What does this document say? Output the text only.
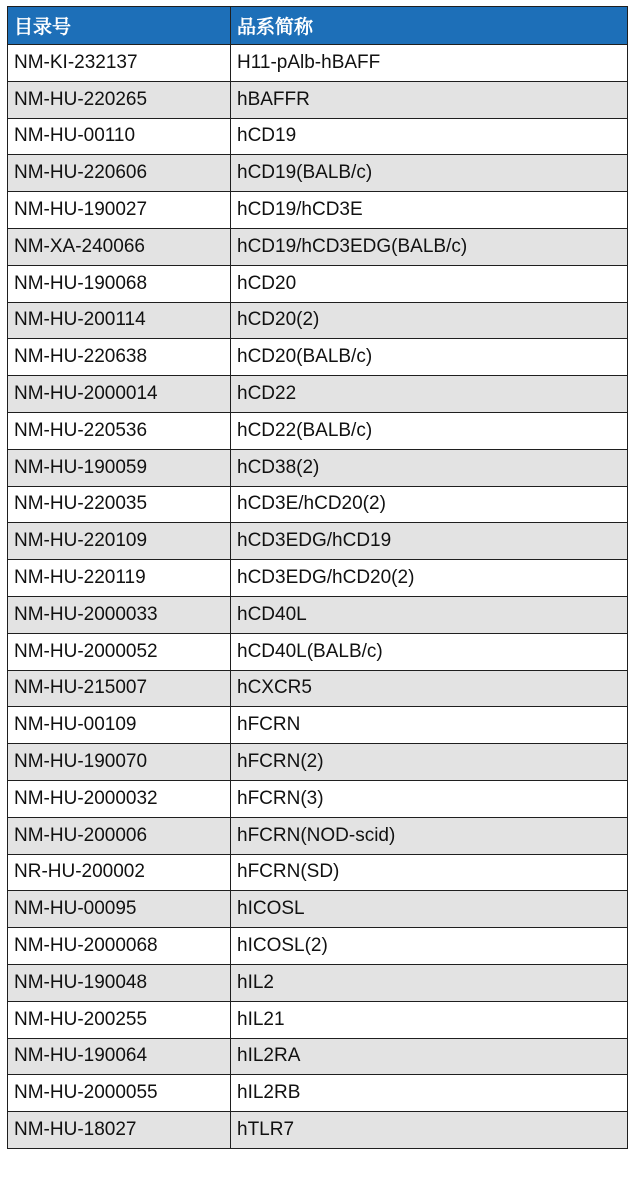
目录号	品系简称
NM-KI-232137	H11-pAlb-hBAFF
NM-HU-220265	hBAFFR
NM-HU-00110	hCD19
NM-HU-220606	hCD19(BALB/c)
NM-HU-190027	hCD19/hCD3E
NM-XA-240066	hCD19/hCD3EDG(BALB/c)
NM-HU-190068	hCD20
NM-HU-200114	hCD20(2)
NM-HU-220638	hCD20(BALB/c)
NM-HU-2000014	hCD22
NM-HU-220536	hCD22(BALB/c)
NM-HU-190059	hCD38(2)
NM-HU-220035	hCD3E/hCD20(2)
NM-HU-220109	hCD3EDG/hCD19
NM-HU-220119	hCD3EDG/hCD20(2)
NM-HU-2000033	hCD40L
NM-HU-2000052	hCD40L(BALB/c)
NM-HU-215007	hCXCR5
NM-HU-00109	hFCRN
NM-HU-190070	hFCRN(2)
NM-HU-2000032	hFCRN(3)
NM-HU-200006	hFCRN(NOD-scid)
NR-HU-200002	hFCRN(SD)
NM-HU-00095	hICOSL
NM-HU-2000068	hICOSL(2)
NM-HU-190048	hIL2
NM-HU-200255	hIL21
NM-HU-190064	hIL2RA
NM-HU-2000055	hIL2RB
NM-HU-18027	hTLR7
